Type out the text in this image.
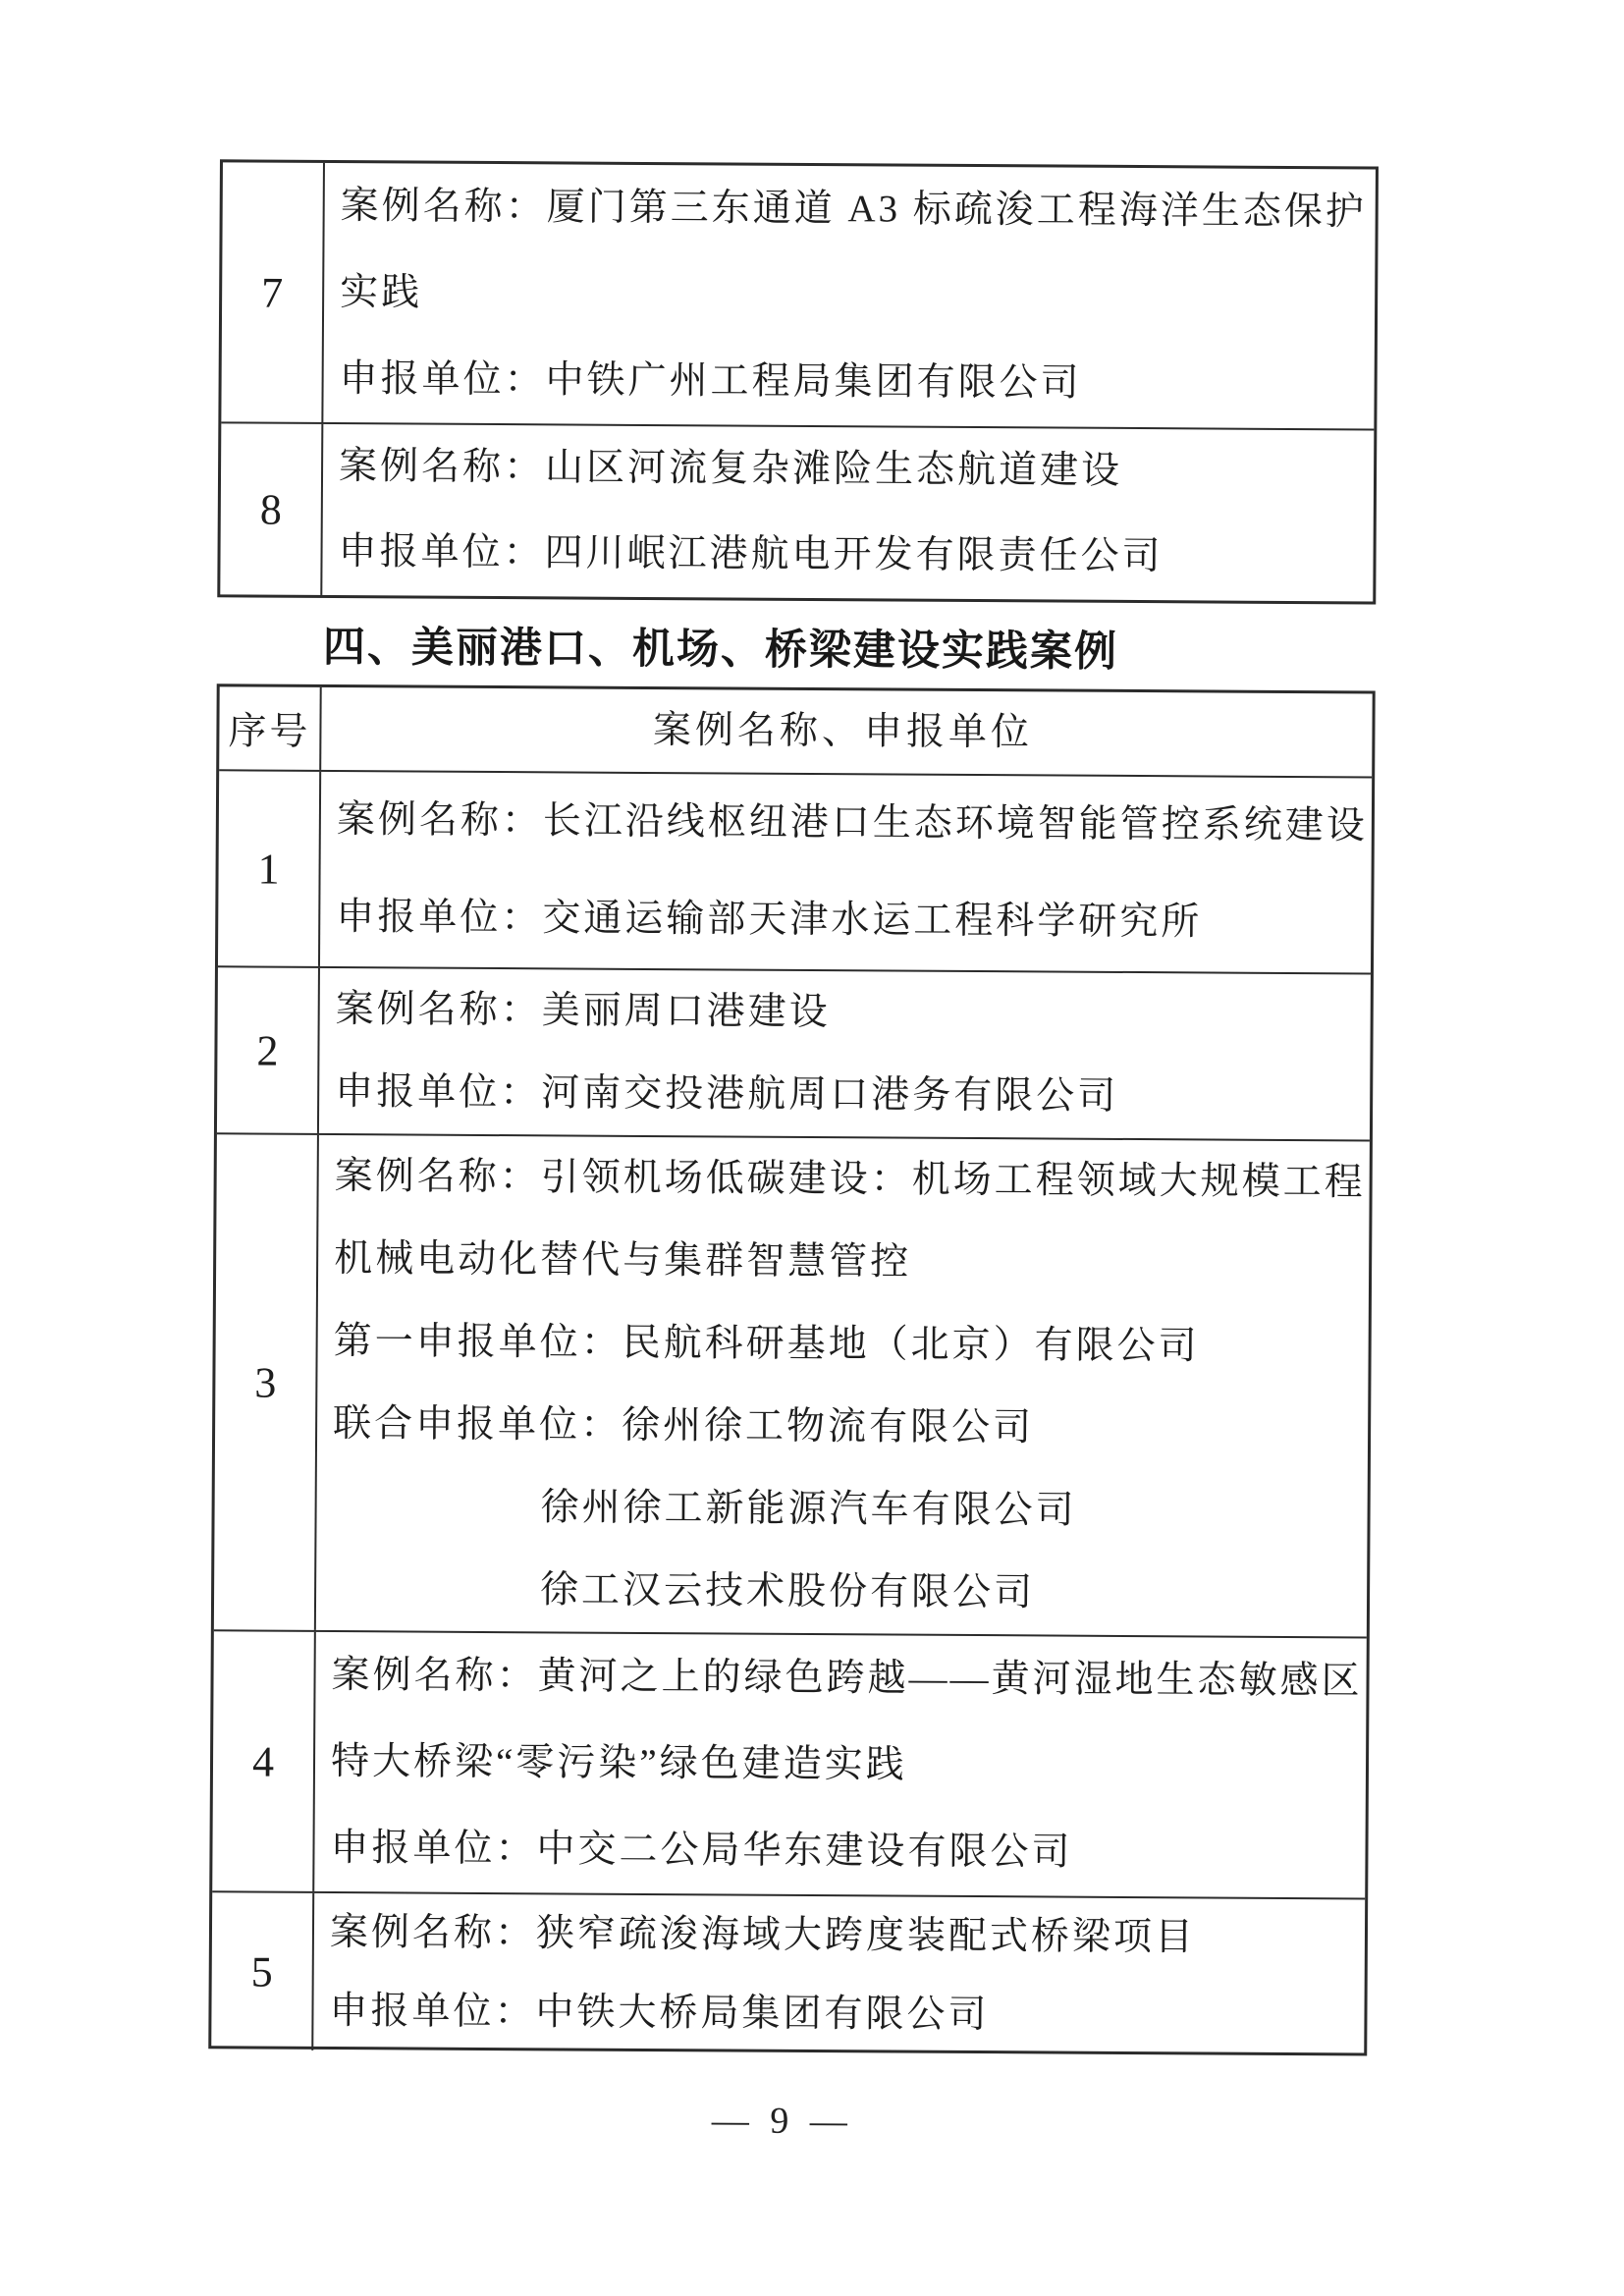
7
案例名称：厦门第三东通道 A3 标疏浚工程海洋生态保护
实践
申报单位：中铁广州工程局集团有限公司
8
案例名称：山区河流复杂滩险生态航道建设
申报单位：四川岷江港航电开发有限责任公司
四、美丽港口、机场、桥梁建设实践案例
序号	案例名称、申报单位
1
案例名称：长江沿线枢纽港口生态环境智能管控系统建设
申报单位：交通运输部天津水运工程科学研究所
2
案例名称：美丽周口港建设
申报单位：河南交投港航周口港务有限公司
3
案例名称：引领机场低碳建设：机场工程领域大规模工程
机械电动化替代与集群智慧管控
第一申报单位：民航科研基地（北京）有限公司
联合申报单位：徐州徐工物流有限公司
徐州徐工新能源汽车有限公司
徐工汉云技术股份有限公司
4
案例名称：黄河之上的绿色跨越——黄河湿地生态敏感区
特大桥梁“零污染”绿色建造实践
申报单位：中交二公局华东建设有限公司
5
案例名称：狭窄疏浚海域大跨度装配式桥梁项目
申报单位：中铁大桥局集团有限公司
— 9 —
